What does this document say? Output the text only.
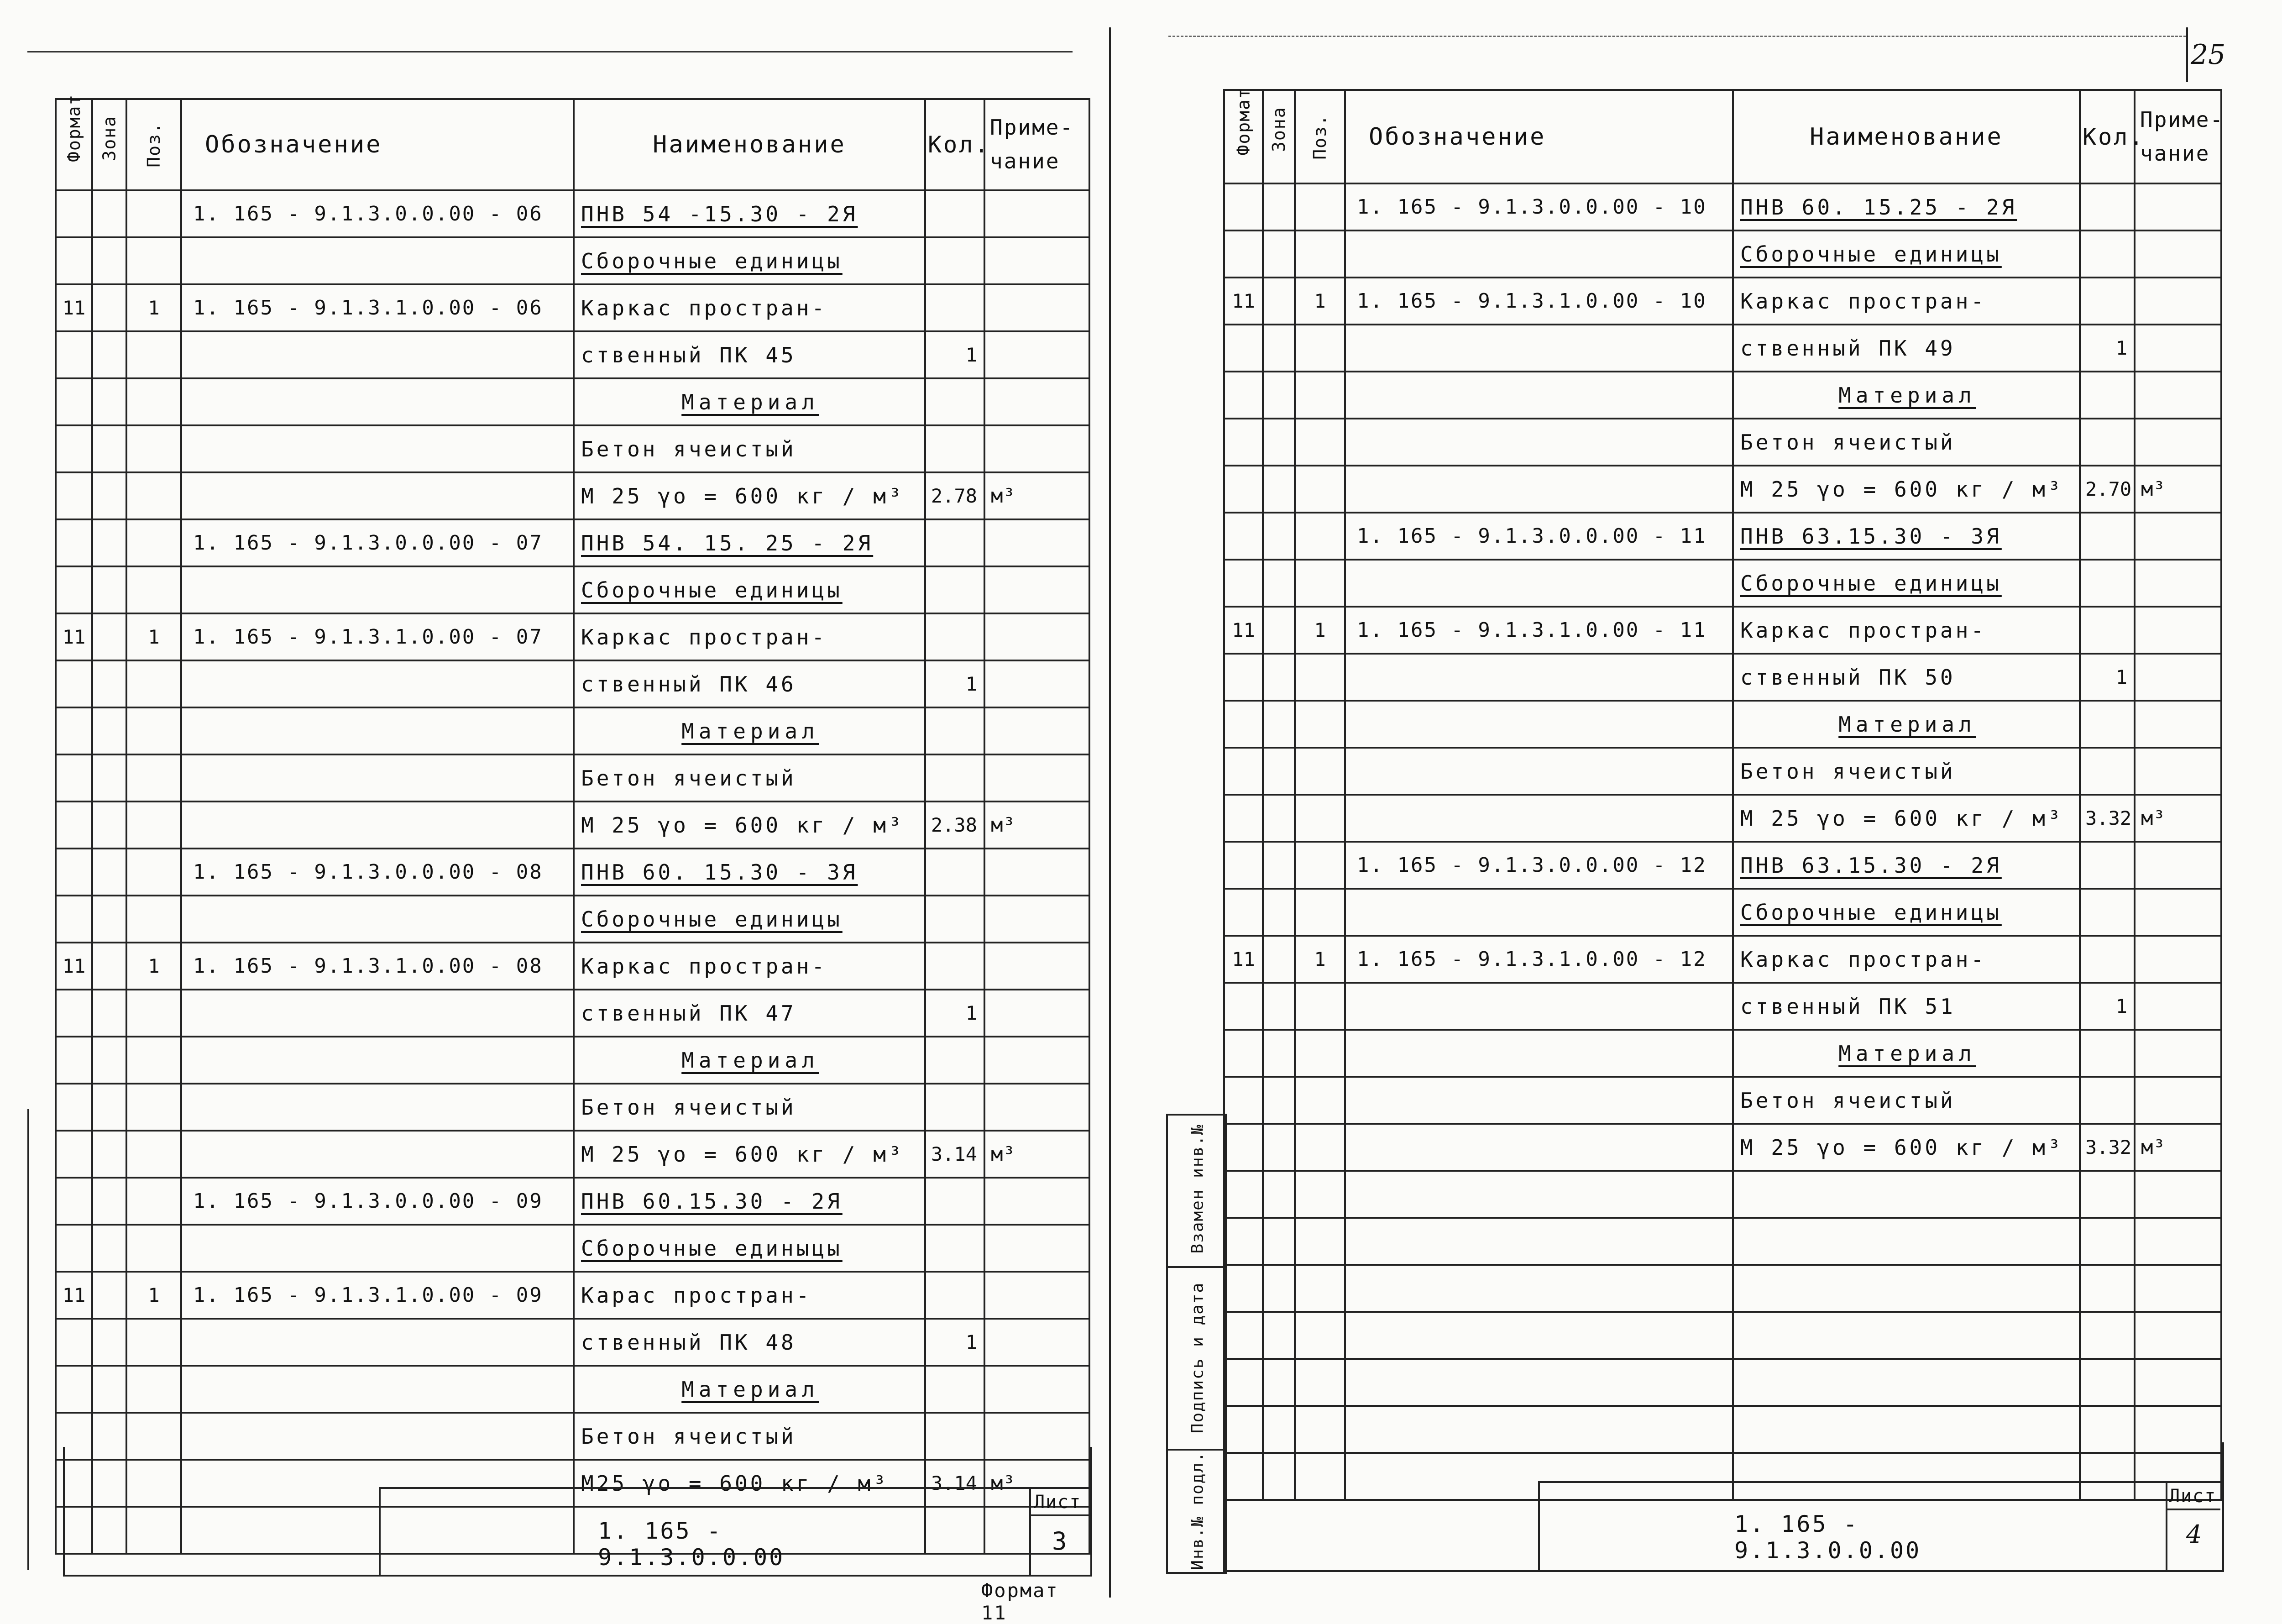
25
Формат	Зона	Поз.	Обозначение	Наименование	Кол.	Приме-
чание
			1. 165 - 9.1.3.0.0.00 - 06	ПНВ 54 -15.30 - 2Я		
				Сборочные единицы		
11		1	1. 165 - 9.1.3.1.0.00 - 06	Каркас простран-		
				ственный ПК 45	1	
				Материал		
				Бетон ячеистый		
				М 25 γo = 600 кг / м³	2.78	м³
			1. 165 - 9.1.3.0.0.00 - 07	ПНВ 54. 15. 25 - 2Я		
				Сборочные единицы		
11		1	1. 165 - 9.1.3.1.0.00 - 07	Каркас простран-		
				ственный ПК 46	1	
				Материал		
				Бетон ячеистый		
				М 25 γo = 600 кг / м³	2.38	м³
			1. 165 - 9.1.3.0.0.00 - 08	ПНВ 60. 15.30 - 3Я		
				Сборочные единицы		
11		1	1. 165 - 9.1.3.1.0.00 - 08	Каркас простран-		
				ственный ПК 47	1	
				Материал		
				Бетон ячеистый		
				М 25 γo = 600 кг / м³	3.14	м³
			1. 165 - 9.1.3.0.0.00 - 09	ПНВ 60.15.30 - 2Я		
				Сборочные единыцы		
11		1	1. 165 - 9.1.3.1.0.00 - 09	Карас простран-		
				ственный ПК 48	1	
				Материал		
				Бетон ячеистый		
				М25 γo = 600 кг / м³	3.14	м³

1. 165 - 9.1.3.0.0.00
Лист
3
Формат 11
Формат	Зона	Поз.	Обозначение	Наименование	Кол.	Приме-
чание
			1. 165 - 9.1.3.0.0.00 - 10	ПНВ 60. 15.25 - 2Я		
				Сборочные единицы		
11		1	1. 165 - 9.1.3.1.0.00 - 10	Каркас простран-		
				ственный ПК 49	1	
				Материал		
				Бетон ячеистый		
				М 25 γo = 600 кг / м³	2.70	м³
			1. 165 - 9.1.3.0.0.00 - 11	ПНВ 63.15.30 - 3Я		
				Сборочные единицы		
11		1	1. 165 - 9.1.3.1.0.00 - 11	Каркас простран-		
				ственный ПК 50	1	
				Материал		
				Бетон ячеистый		
				М 25 γo = 600 кг / м³	3.32	м³
			1. 165 - 9.1.3.0.0.00 - 12	ПНВ 63.15.30 - 2Я		
				Сборочные единицы		
11		1	1. 165 - 9.1.3.1.0.00 - 12	Каркас простран-		
				ственный ПК 51	1	
				Материал		
				Бетон ячеистый		
				М 25 γo = 600 кг / м³	3.32	м³

Взамен инв.№
Подпись и дата
Инв.№ подл.	1. 165 - 9.1.3.0.0.00
Лист
4
